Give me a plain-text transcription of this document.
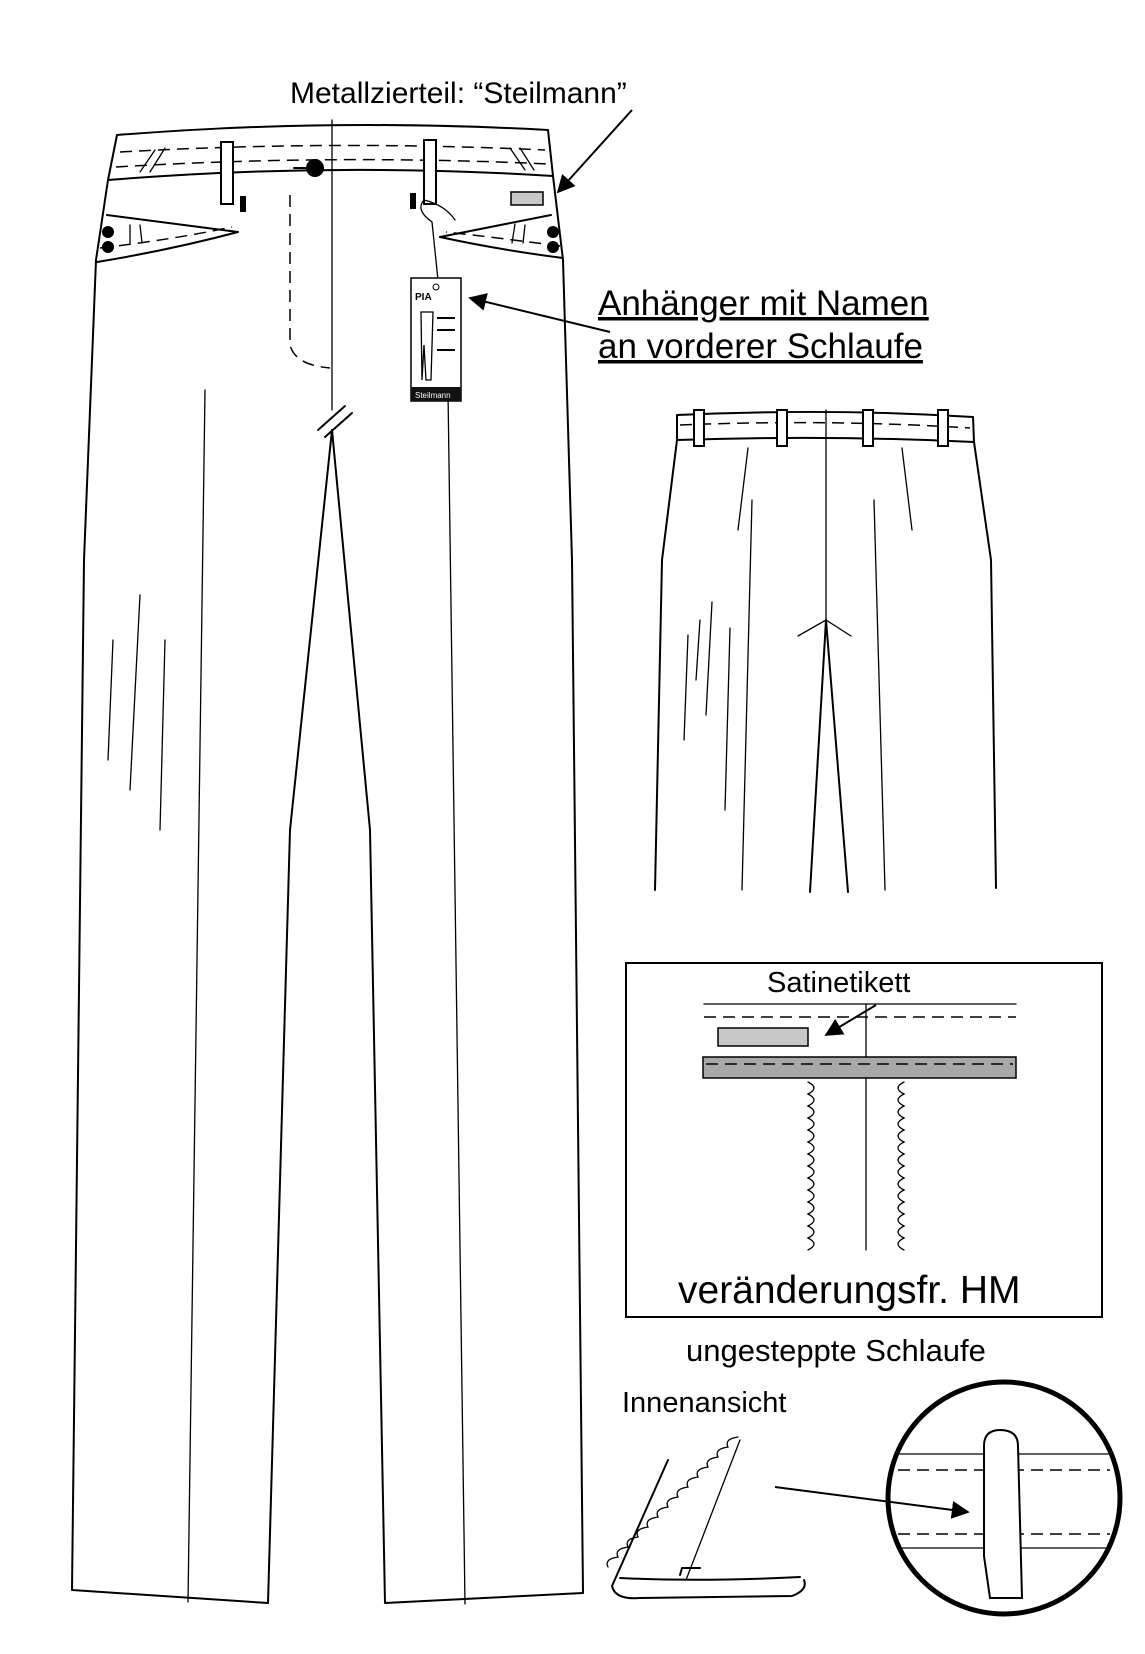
PIA
Steilmann
Metallzierteil: “Steilmann”
Anhänger mit Namen
an vorderer Schlaufe
Satinetikett
veränderungsfr. HM
ungesteppte Schlaufe
Innenansicht
